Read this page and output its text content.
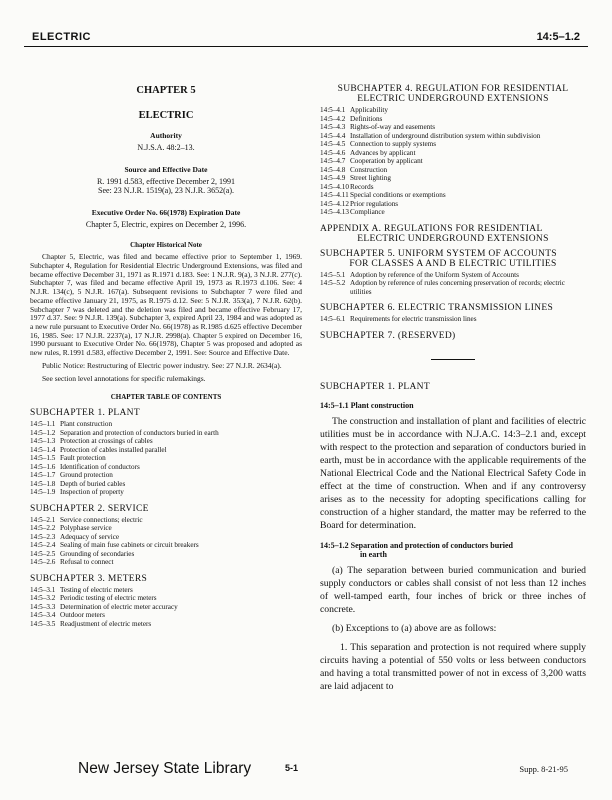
ELECTRIC	14:5–1.2
CHAPTER 5
ELECTRIC
Authority
N.J.S.A. 48:2–13.
Source and Effective Date
R. 1991 d.583, effective December 2, 1991
See: 23 N.J.R. 1519(a), 23 N.J.R. 3652(a).
Executive Order No. 66(1978) Expiration Date
Chapter 5, Electric, expires on December 2, 1996.
Chapter Historical Note
Chapter 5, Electric, was filed and became effective prior to September 1, 1969. Subchapter 4, Regulation for Residential Electric Underground Extensions, was filed and became effective December 31, 1971 as R.1971 d.183. See: 1 N.J.R. 9(a), 3 N.J.R. 277(c). Subchapter 7, was filed and became effective April 19, 1973 as R.1973 d.106. See: 4 N.J.R. 134(c), 5 N.J.R. 167(a). Subsequent revisions to Subchapter 7 were filed and became effective January 21, 1975, as R.1975 d.12. See: 5 N.J.R. 353(a), 7 N.J.R. 62(b). Subchapter 7 was deleted and the deletion was filed and became effective February 17, 1977 d.37. See: 9 N.J.R. 139(a). Subchapter 3, expired April 23, 1984 and was adopted as a new rule pursuant to Executive Order No. 66(1978) as R.1985 d.625 effective December 16, 1985. See: 17 N.J.R. 2237(a), 17 N.J.R. 2998(a). Chapter 5 expired on December 16, 1990 pursuant to Executive Order No. 66(1978), Chapter 5 was proposed and adopted as new rules, R.1991 d.583, effective December 2, 1991. See: Source and Effective Date.
Public Notice: Restructuring of Electric power industry. See: 27 N.J.R. 2634(a).
See section level annotations for specific rulemakings.
CHAPTER TABLE OF CONTENTS
SUBCHAPTER 1. PLANT
14:5–1.1 Plant construction
14:5–1.2 Separation and protection of conductors buried in earth
14:5–1.3 Protection at crossings of cables
14:5–1.4 Protection of cables installed parallel
14:5–1.5 Fault protection
14:5–1.6 Identification of conductors
14:5–1.7 Ground protection
14:5–1.8 Depth of buried cables
14:5–1.9 Inspection of property
SUBCHAPTER 2. SERVICE
14:5–2.1 Service connections; electric
14:5–2.2 Polyphase service
14:5–2.3 Adequacy of service
14:5–2.4 Sealing of main fuse cabinets or circuit breakers
14:5–2.5 Grounding of secondaries
14:5–2.6 Refusal to connect
SUBCHAPTER 3. METERS
14:5–3.1 Testing of electric meters
14:5–3.2 Periodic testing of electric meters
14:5–3.3 Determination of electric meter accuracy
14:5–3.4 Outdoor meters
14:5–3.5 Readjustment of electric meters
SUBCHAPTER 4. REGULATION FOR RESIDENTIAL
ELECTRIC UNDERGROUND EXTENSIONS
14:5–4.1 Applicability
14:5–4.2 Definitions
14:5–4.3 Rights-of-way and easements
14:5–4.4 Installation of underground distribution system within subdivision
14:5–4.5 Connection to supply systems
14:5–4.6 Advances by applicant
14:5–4.7 Cooperation by applicant
14:5–4.8 Construction
14:5–4.9 Street lighting
14:5–4.10 Records
14:5–4.11 Special conditions or exemptions
14:5–4.12 Prior regulations
14:5–4.13 Compliance
APPENDIX A. REGULATIONS FOR RESIDENTIAL
ELECTRIC UNDERGROUND EXTENSIONS
SUBCHAPTER 5. UNIFORM SYSTEM OF ACCOUNTS
FOR CLASSES A AND B ELECTRIC UTILITIES
14:5–5.1 Adoption by reference of the Uniform System of Accounts
14:5–5.2 Adoption by reference of rules concerning preservation of records; electric utilities
SUBCHAPTER 6. ELECTRIC TRANSMISSION LINES
14:5–6.1 Requirements for electric transmission lines
SUBCHAPTER 7. (RESERVED)
SUBCHAPTER 1. PLANT
14:5–1.1 Plant construction
The construction and installation of plant and facilities of electric utilities must be in accordance with N.J.A.C. 14:3–2.1 and, except with respect to the protection and separation of conductors buried in earth, must be in accordance with the applicable requirements of the National Electrical Code and the National Electrical Safety Code in effect at the time of construction. When and if any controversy arises as to the necessity for adopting specifications calling for construction of a higher standard, the matter may be referred to the Board for determination.
14:5–1.2 Separation and protection of conductors buried
in earth
(a) The separation between buried communication and buried supply conductors or cables shall consist of not less than 12 inches of well-tamped earth, four inches of brick or three inches of concrete.
(b) Exceptions to (a) above are as follows:
1. This separation and protection is not required where supply circuits having a potential of 550 volts or less between conductors and having a total transmitted power of not in excess of 3,200 watts are laid adjacent to
New Jersey State Library	5-1	Supp. 8-21-95
